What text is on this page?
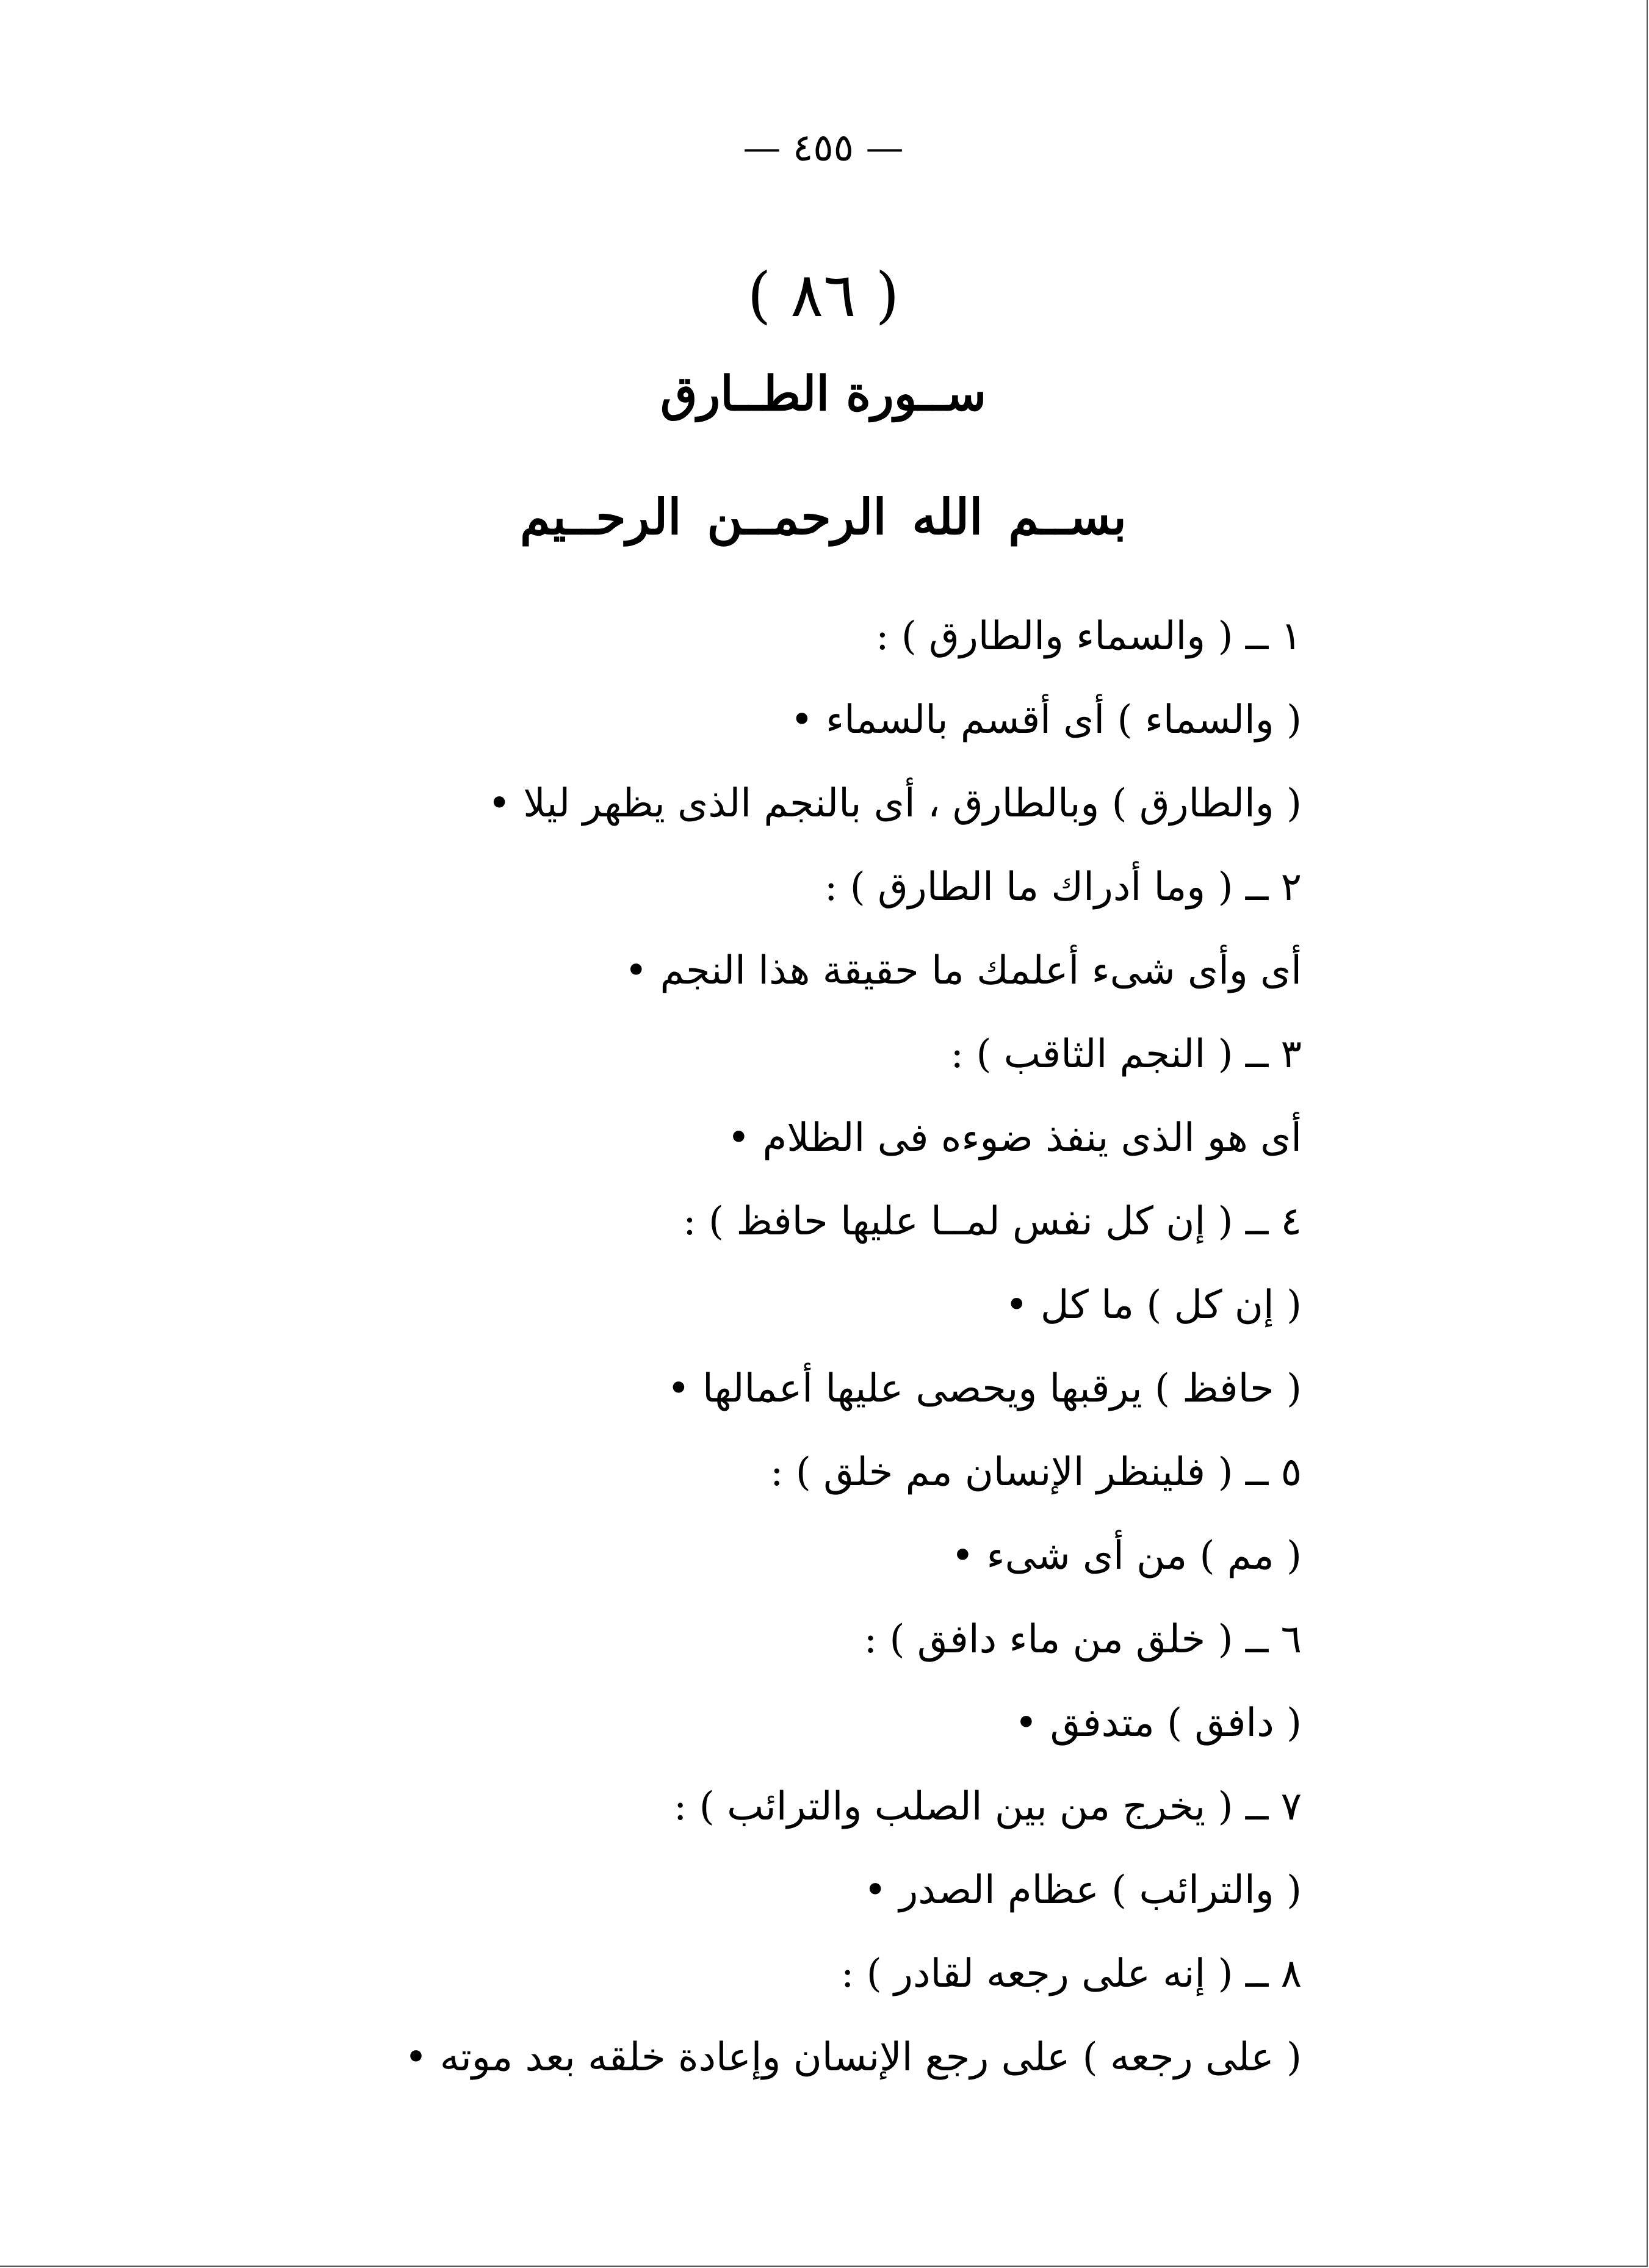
— ٤٥٥ —
( ٨٦ )
ســورة الطــارق
بســم الله الرحمــن الرحــيم
١ ــ ( والسماء والطارق ) :
( والسماء ) أى أقسم بالسماء •
( والطارق ) وبالطارق ، أى بالنجم الذى يظهر ليلا •
٢ ــ ( وما أدراك ما الطارق ) :
أى وأى شىء أعلمك ما حقيقة هذا النجم •
٣ ــ ( النجم الثاقب ) :
أى هو الذى ينفذ ضوءه فى الظلام •
٤ ــ ( إن كل نفس لمــا عليها حافظ ) :
( إن كل ) ما كل •
( حافظ ) يرقبها ويحصى عليها أعمالها •
٥ ــ ( فلينظر الإنسان مم خلق ) :
( مم ) من أى شىء •
٦ ــ ( خلق من ماء دافق ) :
( دافق ) متدفق •
٧ ــ ( يخرج من بين الصلب والترائب ) :
( والترائب ) عظام الصدر •
٨ ــ ( إنه على رجعه لقادر ) :
( على رجعه ) على رجع الإنسان وإعادة خلقه بعد موته •
